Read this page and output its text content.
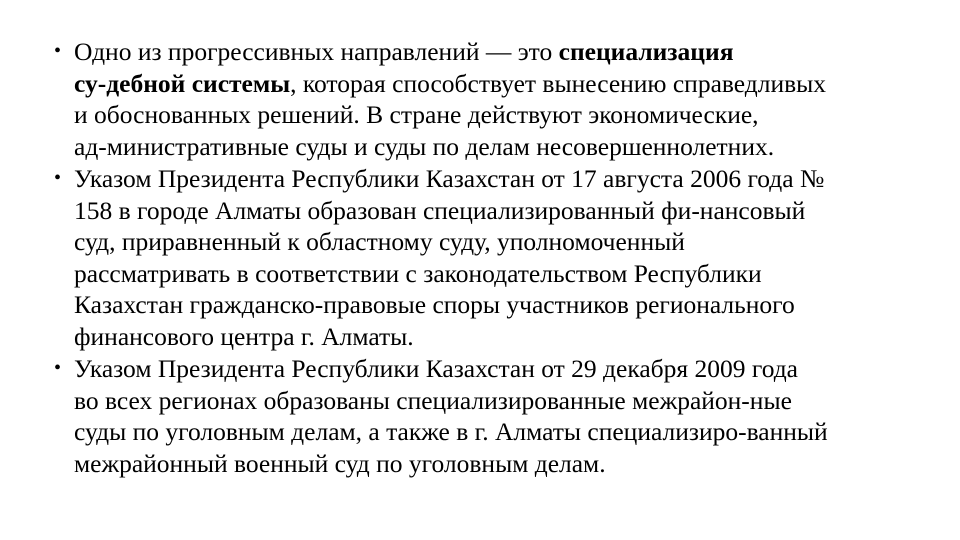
• Одно из прогрессивных направлений — это специализация
су-дебной системы, которая способствует вынесению справедливых
и обоснованных решений. В стране действуют экономические,
ад-министративные суды и суды по делам несовершеннолетних.
• Указом Президента Республики Казахстан от 17 августа 2006 года №
158 в городе Алматы образован специализированный фи-нансовый
суд, приравненный к областному суду, уполномоченный
рассматривать в соответствии с законодательством Республики
Казахстан гражданско-правовые споры участников регионального
финансового центра г. Алматы.
• Указом Президента Республики Казахстан от 29 декабря 2009 года
во всех регионах образованы специализированные межрайон-ные
суды по уголовным делам, а также в г. Алматы специализиро-ванный
межрайонный военный суд по уголовным делам.
